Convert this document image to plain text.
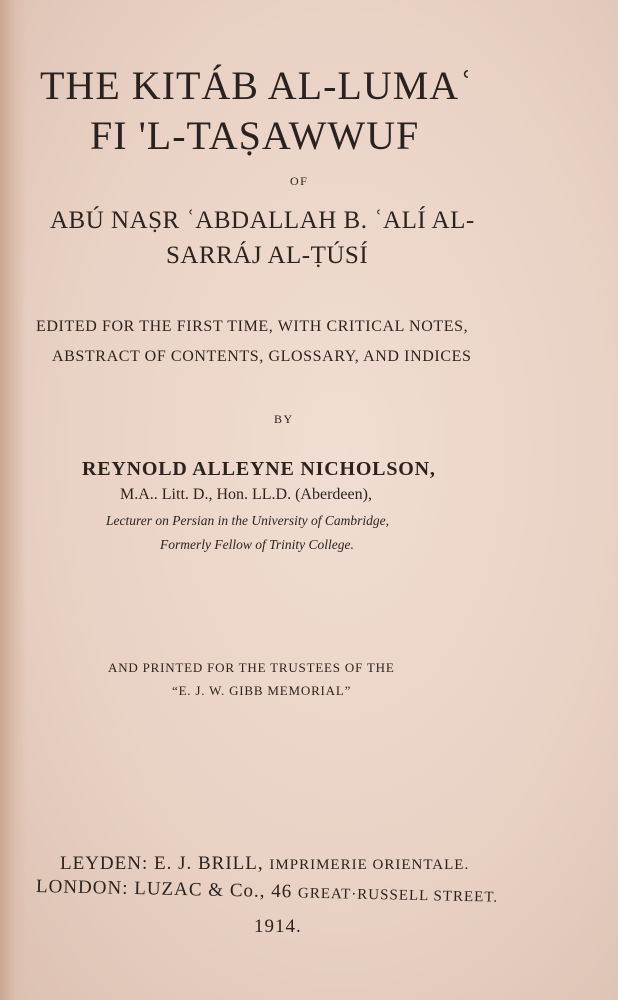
THE KITÁB AL-LUMAʿ
FI 'L-TAṢAWWUF
OF
ABÚ NAṢR ʿABDALLAH B. ʿALÍ AL-
SARRÁJ AL-ṬÚSÍ
EDITED FOR THE FIRST TIME, WITH CRITICAL NOTES,
ABSTRACT OF CONTENTS, GLOSSARY, AND INDICES
BY
REYNOLD ALLEYNE NICHOLSON,
M.A.. Litt. D., Hon. LL.D. (Aberdeen),
Lecturer on Persian in the University of Cambridge,
Formerly Fellow of Trinity College.
AND PRINTED FOR THE TRUSTEES OF THE
“E. J. W. GIBB MEMORIAL”
LEYDEN: E. J. BRILL, IMPRIMERIE ORIENTALE.
LONDON: LUZAC & Co., 46 GREAT·RUSSELL STREET.
1914.
